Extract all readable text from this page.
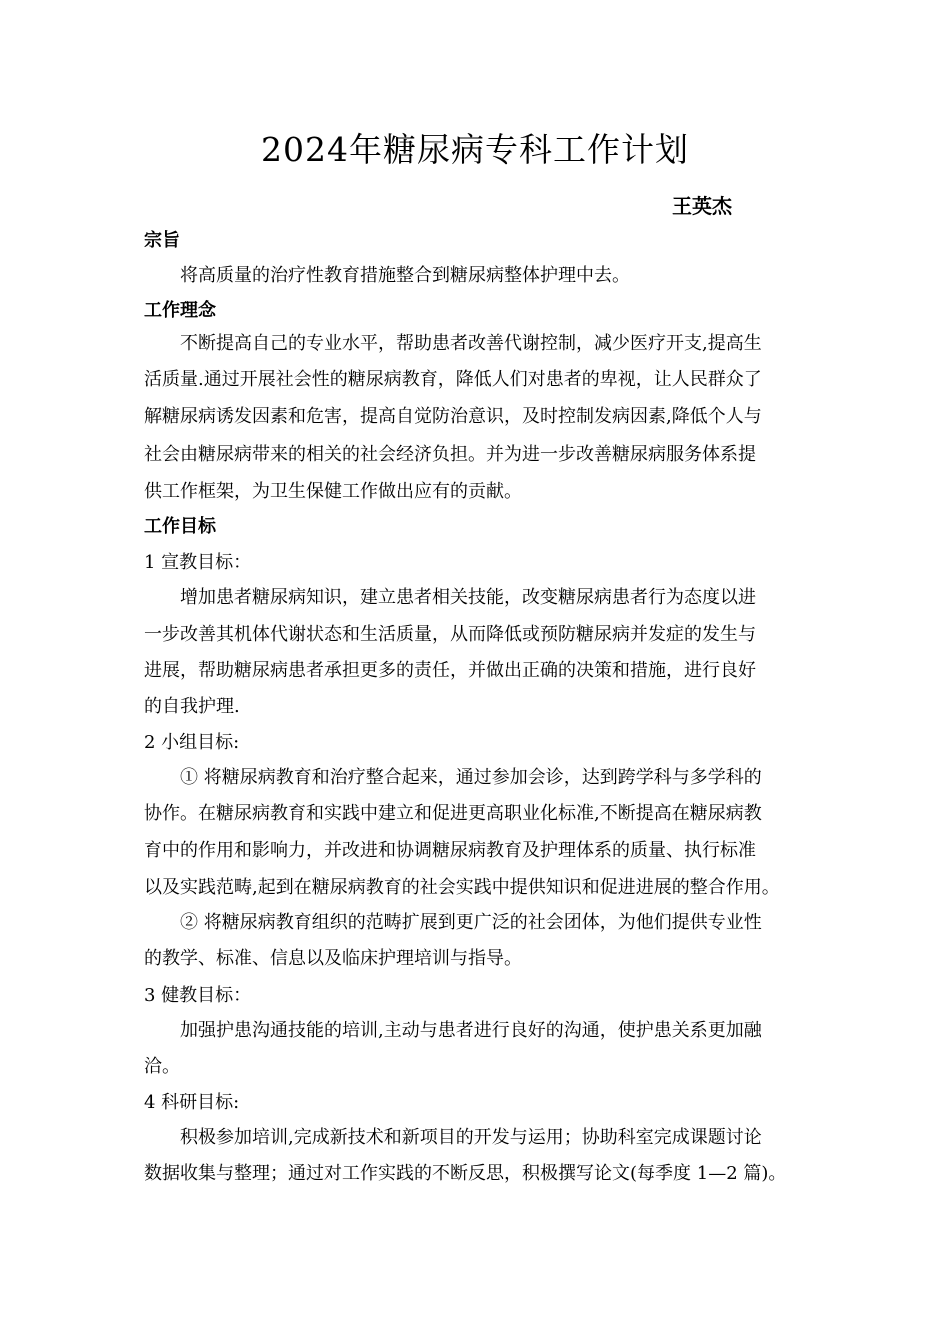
2024年糖尿病专科工作计划
王英杰
宗旨
将高质量的治疗性教育措施整合到糖尿病整体护理中去。
工作理念
不断提高自己的专业水平，帮助患者改善代谢控制，减少医疗开支,提高生
活质量.通过开展社会性的糖尿病教育，降低人们对患者的卑视，让人民群众了
解糖尿病诱发因素和危害，提高自觉防治意识，及时控制发病因素,降低个人与
社会由糖尿病带来的相关的社会经济负担。并为进一步改善糖尿病服务体系提
供工作框架，为卫生保健工作做出应有的贡献。
工作目标
1 宣教目标：
增加患者糖尿病知识，建立患者相关技能，改变糖尿病患者行为态度以进
一步改善其机体代谢状态和生活质量，从而降低或预防糖尿病并发症的发生与
进展，帮助糖尿病患者承担更多的责任，并做出正确的决策和措施，进行良好
的自我护理.
2 小组目标:
① 将糖尿病教育和治疗整合起来，通过参加会诊，达到跨学科与多学科的
协作。在糖尿病教育和实践中建立和促进更高职业化标准,不断提高在糖尿病教
育中的作用和影响力，并改进和协调糖尿病教育及护理体系的质量、执行标准
以及实践范畴,起到在糖尿病教育的社会实践中提供知识和促进进展的整合作用。
② 将糖尿病教育组织的范畴扩展到更广泛的社会团体，为他们提供专业性
的教学、标准、信息以及临床护理培训与指导。
3 健教目标：
加强护患沟通技能的培训,主动与患者进行良好的沟通，使护患关系更加融
洽。
4 科研目标:
积极参加培训,完成新技术和新项目的开发与运用；协助科室完成课题讨论
数据收集与整理；通过对工作实践的不断反思，积极撰写论文(每季度 1—2 篇)。
